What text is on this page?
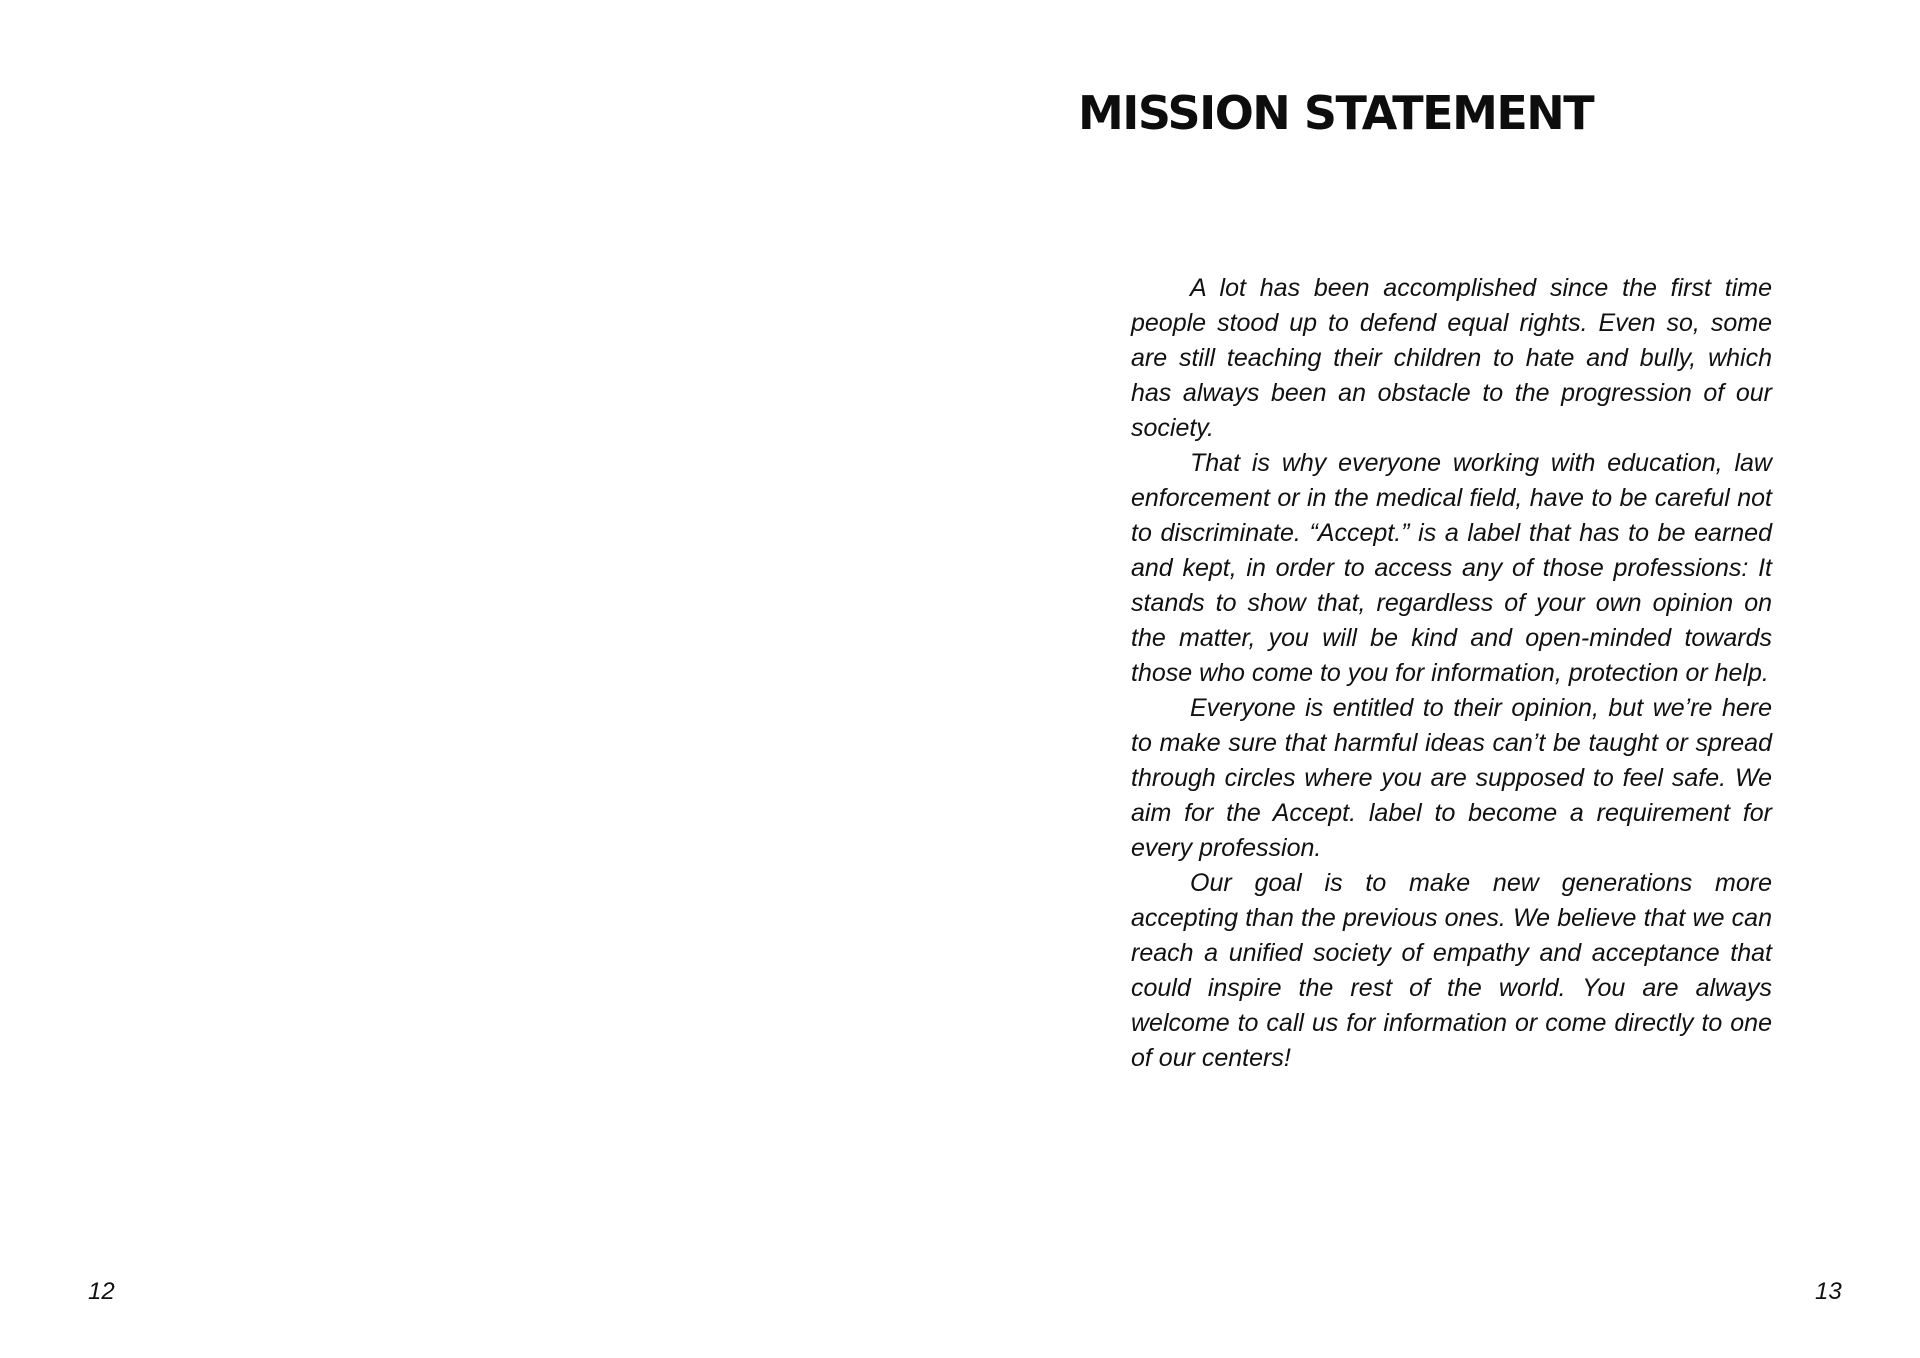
12
MISSION STATEMENT

A lot has been accomplished since the first time people stood up to defend equal rights. Even so, some are still teaching their children to hate and bully, which has always been an obstacle to the progression of our society.

That is why everyone working with education, law enforcement or in the medical field, have to be careful not to discriminate. “Accept.” is a label that has to be earned and kept, in order to access any of those professions: It stands to show that, regardless of your own opinion on the matter, you will be kind and open-minded towards those who come to you for information, protection or help.

Everyone is entitled to their opinion, but we’re here to make sure that harmful ideas can’t be taught or spread through circles where you are supposed to feel safe. We aim for the Accept. label to become a requirement for every profession.

Our goal is to make new generations more accepting than the previous ones. We believe that we can reach a unified society of empathy and acceptance that could inspire the rest of the world. You are always welcome to call us for information or come directly to one of our centers!

13
